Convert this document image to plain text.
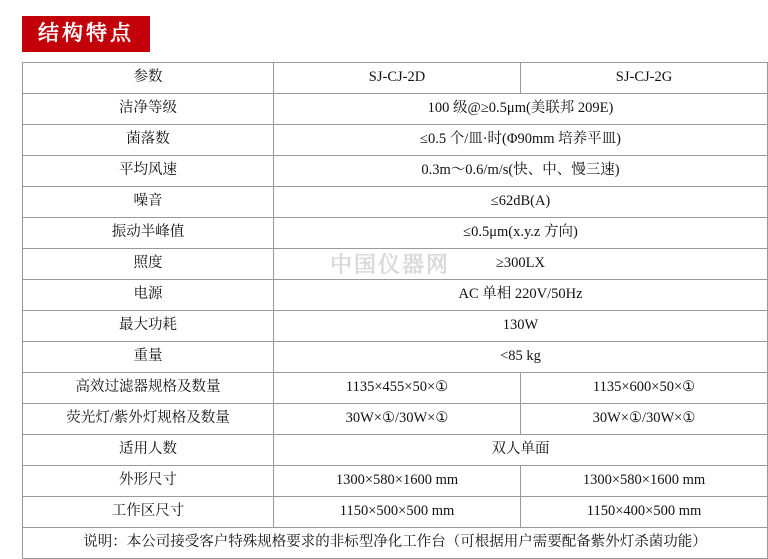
结构特点
中国仪器网
参数	SJ-CJ-2D	SJ-CJ-2G
洁净等级	100 级@≥0.5μm(美联邦 209E)	
菌落数	≤0.5 个/皿·时(Φ90mm 培养平皿)	
平均风速	0.3m～0.6/m/s(快、中、慢三速)	
噪音	≤62dB(A)	
振动半峰值	≤0.5μm(x.y.z 方向)	
照度	≥300LX	
电源	AC 单相 220V/50Hz	
最大功耗	130W	
重量	<85 kg	
高效过滤器规格及数量	1135×455×50×①	1135×600×50×①
荧光灯/紫外灯规格及数量	30W×①/30W×①	30W×①/30W×①
适用人数	双人单面	
外形尺寸	1300×580×1600 mm	1300×580×1600 mm
工作区尺寸	1150×500×500 mm	1150×400×500 mm
说明：本公司接受客户特殊规格要求的非标型净化工作台（可根据用户需要配备紫外灯杀菌功能）		
